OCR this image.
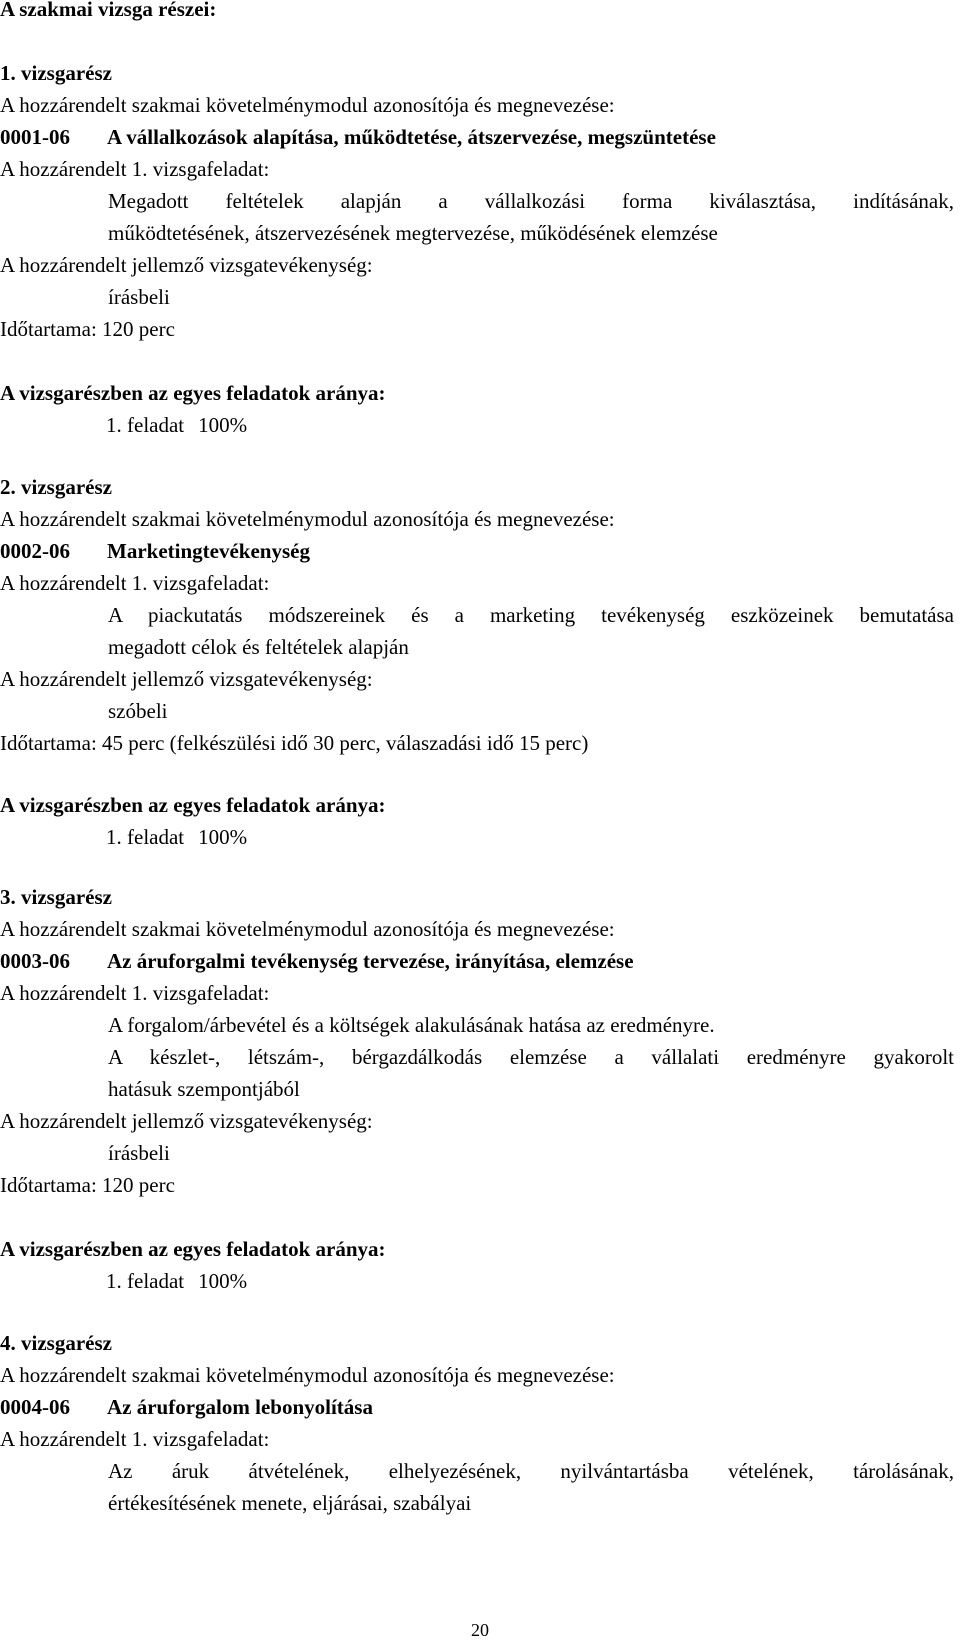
A szakmai vizsga részei:
1. vizsgarész
A hozzárendelt szakmai követelménymodul azonosítója és megnevezése:
0001-06 A vállalkozások alapítása, működtetése, átszervezése, megszüntetése
A hozzárendelt 1. vizsgafeladat:
Megadott feltételek alapján a vállalkozási forma kiválasztása, indításának,
működtetésének, átszervezésének megtervezése, működésének elemzése
A hozzárendelt jellemző vizsgatevékenység:
írásbeli
Időtartama: 120 perc
A vizsgarészben az egyes feladatok aránya:
1. feladat 100%
2. vizsgarész
A hozzárendelt szakmai követelménymodul azonosítója és megnevezése:
0002-06 Marketingtevékenység
A hozzárendelt 1. vizsgafeladat:
A piackutatás módszereinek és a marketing tevékenység eszközeinek bemutatása
megadott célok és feltételek alapján
A hozzárendelt jellemző vizsgatevékenység:
szóbeli
Időtartama: 45 perc (felkészülési idő 30 perc, válaszadási idő 15 perc)
A vizsgarészben az egyes feladatok aránya:
1. feladat 100%
3. vizsgarész
A hozzárendelt szakmai követelménymodul azonosítója és megnevezése:
0003-06 Az áruforgalmi tevékenység tervezése, irányítása, elemzése
A hozzárendelt 1. vizsgafeladat:
A forgalom/árbevétel és a költségek alakulásának hatása az eredményre.
A készlet-, létszám-, bérgazdálkodás elemzése a vállalati eredményre gyakorolt
hatásuk szempontjából
A hozzárendelt jellemző vizsgatevékenység:
írásbeli
Időtartama: 120 perc
A vizsgarészben az egyes feladatok aránya:
1. feladat 100%
4. vizsgarész
A hozzárendelt szakmai követelménymodul azonosítója és megnevezése:
0004-06 Az áruforgalom lebonyolítása
A hozzárendelt 1. vizsgafeladat:
Az áruk átvételének, elhelyezésének, nyilvántartásba vételének, tárolásának,
értékesítésének menete, eljárásai, szabályai
20
